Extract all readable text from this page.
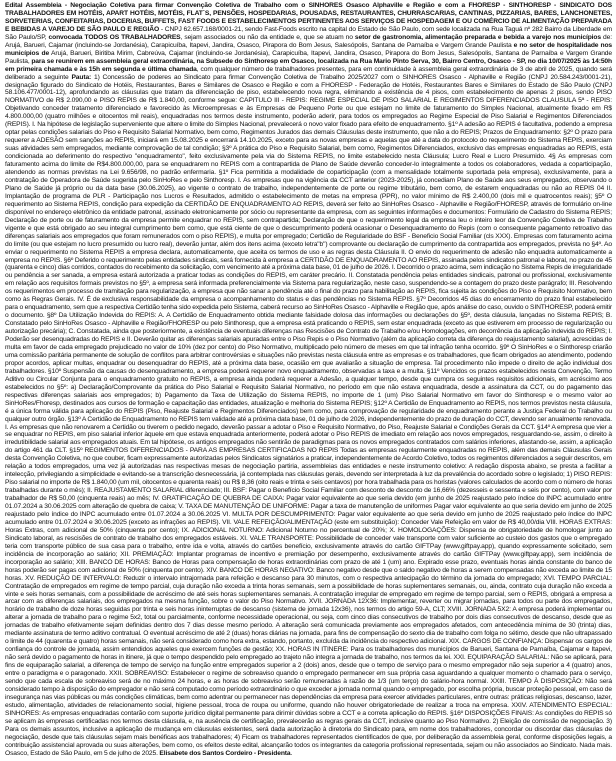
Edital Assembleia - Negociação Coletiva para firmar Convenção Coletiva de Trabalho com o SINHORES Osasco Alphaville e Região e com a FHORESP - SINTHORESP - SINDICATO DOS TRABALHADORES EM HOTÉIS, APART HOTÉIS, MOTÉIS, FLAT´S, PENSÕES, HOSPEDARIAS, POUSADAS, RESTAURANTES, CHURRASCARIAS, CANTINAS, PIZZARIAS, BARES, LANCHONETES, SORVETERIAS, CONFEITARIAS, DOCERIAS, BUFFETS, FAST FOODS E ESTABELECIMENTOS PERTINENTES AOS SERVIÇOS DE HOSPEDAGEM E OU COMÉRCIO DE ALIMENTAÇÃO PREPARADA E BEBIDAS A VAREJO DE SÃO PAULO E REGIÃO - CNPJ 62.657.168/0001-21, sendo Fast-Foods escrito na capital do Estado de São Paulo, com sede localizada na Rua Taguá nº 282 Bairro da Liberdade em São Paulo/SP, convocada TODOS OS TRABALHADORES, sejam associados ou não da entidade e, que se atuam no setor de gastronomia, alimentação preparada e bebida a varejo nos municípios de: Arujá, Barueri, Cajamar (incluindo-se Jordanésia), Carapicuíba, Itapevi, Jandira, Osasco, Pirapora do Bom Jesus, Salesópolis, Santana de Parnaíba e Vargem Grande Paulista e no setor de hospitalidade nos municípios de Arujá, Barueri, Biritiba Mirim, Cabreúva, Cajamar (incluindo-se Jordanésia), Carapicuíba, Itapevi, Jandira, Osasco, Pirapora do Bom Jesus, Salesópolis, Santana de Parnaíba e Vargem Grande Paulista, para se reunirem em assembleia geral extraordinária, na Subsede do Sinthoresp em Osasco, localizada na Rua Mario Pinto Serva, 30, Bairro Centro, Osasco - SP, no dia 10/07/2025 às 14:50h em primeira chamada e às 15h em segunda e última chamada, com qualquer número de trabalhadores presentes, para em continuidade à assembleia geral extraordinária de 3 de abril de 2025, quando será deliberado a seguinte Pauta: 1) Concessão de poderes ao Sindicato para firmar Convenção Coletiva de Trabalho 2025/2027 com o SINHORES Osasco - Alphaville e Região (CNPJ 20.584.243/0001-21), designação figurado do Sindicato de Hotéis, Restaurantes, Bares e Similares de Osasco e Região e com a FHORESP - Federação de Hotéis, Restaurantes Bares e Similares do Estado de São Paulo (CNPJ 58.106.477/0001-12), aprofundando as cláusulas que tratam da diferenciação de piso, estabelecendo nova regra, eliminando a existência de 4 pisos, com estabelecimento de apenas 2 pisos, sendo PISO NORMATIVO de R$ 2.090,00 e PISO REPIS de R$ 1.840,00, conforme segue: CAPITULO III - REPIS: REGIME ESPECIAL DE PISO SALARIAL E REGIMENTOS DIFERENCIADOS CLAUSULA 5ª - REPIS: Objetivando conceder tratamento diferenciado e favorecido às Microempresas e às Empresas de Pequeno Porte ou que estejam no limite de faturamento do Simples Nacional, atualmente fixado em R$ 4.800.000,00 (quatro milhões e oitocentos mil reais), enquadradas nos termos deste instrumento, poderão aderir, para todos os empregados ao Regime Especial de Piso Salarial e Regimentos Diferenciados (REPIS). I. Na hipótese de legislação superveniente que altere o limite do Simples Nacional, prevalecerá o novo valor fixado para efeito de enquadramento. §1º A adesão ao REPIS é facultativa, podendo a empresa optar pelas condições salariais do Piso e Requisito Salarial Normativo, bem como, Regimentos Jurados das demais Cláusulas deste instrumento, que não a do REPIS; Prazos de Enquadramento: §2º O prazo para requerer a ADESÃO sem sanções ao REPIS, iniciará em 15.08.2025 e encerrará 14.10.2025, exceto para as novas empresas e aquelas que até a data do protocolo do requerimento do Sistema REPIS, exerciam suas atividades sem empregados, mediante comprovação de tal condição; §3º A prática do Piso e Requisito Salarial, bem como, Regimentos Diferenciados, exclusivo das empresas enquadradas ao REPIS, está condicionada ao deferimento do respectivo "enquadramento", feito exclusivamente pela via do Sistema REPIS, no limite estabelecido nesta Cláusula; Lucro Real e Lucro Presumido. 4§ As empresas com faturamento acima do limite de R$4.800.000,00, para se enquadrarem no REPIS com a contrapartida de Plano de Saúde deverão conceder-lo integralmente a todos os colaboradores, vedada a coparticipação, atendendo as normas previstas na Lei 9.656/98, no padrão enfermaria. §1º Fica permitida a modalidade de coparticipação (com a mensalidade totalmente suportada pela empresa), exclusivamente, para a contratação de Operadora de Saúde sugerida pelo SinHoRes e pelo Sinthoresp. I. As empresas que na vigência da CCT anterior (2023-2025), já concediam Plano de Saúde aos seus empregados, observando o Plano de Saúde já próprio ou da data base (30.06.2025), ao vigente o contrato de trabalho, independentemente de porte ou regime tributário, bem como, de estarem enquadradas ou não ao REPIS 04 II. Implantação de programa de PLR - Participação nos Lucros e Resultados, admitido o estabelecimento de metas na empresa (PPR), no valor mínimo de R$ 2.400,00 (dois mil e quatrocentos reais); §5º O requerimento ao Sistema REPIS, condição para expedição da CERTIDÃO DE ENQUADRAMENTO AO REPIS, deverá ser feito ao SinHoRes Osasco - Alphaville e Região/FHORESP, através de formulário on-line disponível no endereço eletrônico da entidade patronal, assinado eletronicamente por sócio ou representante da empresa, com as seguintes informações e documentos: Formulário de Cadastro do Sistema REPIS; Declaração de porte ou de faturamento da empresa permite enquadrar no REPIS, sem contrapartida; Declaração de que o requerimento legal da empresa leu o inteiro teor da Convenção Coletiva de Trabalho vigente e que está obrigado ao seu integral cumprimento bem como, que está ciente de que o descumprimento poderá ocasionar o Desenquadramento do Repis (com o consequente pagamento retroativo das diferenças salariais aos empregados que foram remunerados com o piso REPIS), e multa por empregado; Certidão de Regularidade do BSF - Beneficio Social Familiar (cls XXX). Empresas com faturamento acima do limite (ou que estejam no lucro presumido ou lucro real), deverão juntar, além dos itens acima (exceto letra"b") comprovante ou declaração de cumprimento da contrapartida aos empregados, prevista no §4º. Ao enviar o requerimento no Sistema REPIS a empresa declara, automaticamente, que aceita os termos de uso e as regras desta Cláusula II. O envio do requerimento de adesão não enquadra automaticamente a empresa no REPIS. §6º Deferido o requerimento pelas entidades sindicais, será fornecida à empresa a CERTIDÃO DE ENQUADRAMENTO AO REPIS, assinada pelos sindicatos patronal e laboral, no prazo de 45 (quarenta e cinco) dias corridos, contados do recebimento da solicitação, com vencimento até a próxima data base, 01 de julho de 2026. I. Decorrido o prazo acima, sem indicação no Sistema Repis de irregularidade ou pendência a ser sanada, a empresa estará autorizada a praticar todas as condições do REPIS, em caráter precário. II. Constatada pendência pelas entidades sindicais, patronal ou profissional, exclusivamente em relação aos requisitos formais previstos no §5º, a empresa será informada preferencialmente via Sistema para regularização, neste caso, suspendendo-se a contagem do prazo deste parágrafo; III. Resolvendo os requerimentos em processo de tramitação para regularização, a empresa que não sanar a pendência até o final do prazo para habilitação ao REPIS, fica sujeita às condições do Piso e Requisito Normativo, bem como às Regras Gerais. IV. É de exclusiva responsabilidade da empresa o acompanhamento do status e das pendências no Sistema REPIS. §7º Decorridos 45 dias do encerramento do prazo final estabelecido para o enquadramento, sem que a respectiva Certidão tenha sido expedida pelo Sistema, caberá recurso ao SinHoRes Osasco - Alphaville e Região que, após análise do caso, ouvido o SINTHORESP, poderá emitir o documento. §8º Da Utilização Indevida do REPIS: A. A Certidão de Enquadramento obtida mediante falsidade dolosa das informações ou declarações do §5º, desta cláusula, lançadas no Sistema REPIS; B. Constatado pelo SinHoRes Osasco - Alphaville e Região/FHORESP ou pelo Sinthoresp, que a empresa está praticando o REPIS, sem estar enquadrada (exceto as que estiverem em processo de regularização ou autorização precária); C. Constatada, ainda que posteriormente, a existência de eventuais diferenças nas Rescisões de Contrato de Trabalho e/ou Homologações, em decorrência da aplicação indevida do REPIS; I. Poderão ser desenquadradas do REPIS e II. Deverão quitar as diferenças salariais apuradas entre o Piso Repis e o Piso Normativo (além da aplicação correta da diferença do reajustamento salarial), acrescidas de multa em favor de cada empregado prejudicado no valor de 10% (dez por cento) do Piso Normativo, multiplicado pelo número de meses em que tal infração tenha ocorrido. §9º O SinHoRes e o Sinthoresp criarão uma comissão paritária permanente de solução de conflitos para arbitrar controvérsias e situações não previstas nesta cláusula entre as empresas e os trabalhadores, que ficam obrigados ao atendimento, podendo propor acordos, aplicar multas, enquadrar ou desenquadrar do REPIS, até a próxima data base, ocasião em que avaliarão a situação de empresa. Tal procedimento não impede o direito de ação individual dos trabalhadores. §10º Suspensão da causas do desenquadramento, a empresa poderá requerer novo enquadramento, observadas a taxa e a multa. §11º Vencidos os prazos estabelecidos nesta Convenção, Termo Aditivo ou Circular Conjunta para o enquadramento gratuito no REPIS, a empresa ainda poderá requerer a Adesão, a qualquer tempo, desde que cumpra os seguintes requisitos adicionais, em acréscimo aos estabelecidos no §5º: a) Declaração/Comprovante da prática do Piso Salarial e Requisito Salarial Normativo, no período em que não estava enquadrada, desde a assinatura da CCT, ou do pagamento das respectivas diferenças salariais aos empregados; b) Pagamento da Taxa de Utilização do Sistema REPIS, no importe de 1 (um) Piso Salarial Normativo em favor do Sinthoresp e o mesmo valor ao SinHoRes/Fhoresp, destinados aos cursos de formação e capacitação das entidades, atualização e melhoria do Sistema REPIS; §12º A Certidão de Enquadramento ao REPIS, nos termos previstos nesta cláusula, é a única forma válida para aplicação do REPIS (Piso, Reajuste Salarial e Regimentos Diferenciados) bem como, para comprovação de regularidade de enquadramento perante a Justiça Federal do Trabalho ou qualquer outro órgão. §13º A Certidão de Enquadramento no REPIS tem validade até a próxima data base, 01 de julho de 2026, independentemente do prazo de duração do CCT, devendo ser anualmente renovada. I. As empresas que não renovarem a Certidão ou tiverem o pedido negado, deverão passar a adotar o Piso e Requisito Normativo, do Piso, Reajuste Salarial e Condições Gerais da CCT. §14º A empresa que vier a se enquadrar no REPIS, em piso salarial inferior àquele em que estava enquadrada anteriormente, poderá adotar o Piso REPIS de imediato em relação aos novos empregados, resguardando-se, assim, o direito à irredutibilidade salarial aos empregados atuais. Em tal hipótese, os antigos empregados não sentirão de paradigmas para os novos empregados contratados com salários inferiores, afastando-se, assim, a aplicação do artigo 461 da CLT. §15º REGIMENTOS DIFERENCIADOS - PARA AS EMPRESAS CERTIFICADAS NO REPIS Todas as empresas regularmente enquadradas no REPIS, além das demais Cláusulas Gerais desta Convenção Coletiva, no que couber, ficam expressamente autorizadas pelos Sindicatos signatários a praticar, independentemente de Acordo Coletivo, todos os regimentos diferenciados a seguir descritos, em relação a todos empregados, uma vez já autorizadas nas respectivas mesas de negociação partiria, assembleias das entidades e neste instrumento coletivo: A redação disposta abaixo, se presta a facilitar a intelecção, privilegiando a simplicidade e evitando-se a transcrição desnecessária, já contemplada nas cláusulas gerais, devendo ser interpretada à luz da prevalência do acordado sobre o legislado; 1) PISO REPIS: Piso salarial no importe de R$ 1.840,00 (um mil, oitocentos e quarenta reais) ou R$ 8,36 (oito reais e trinta e seis centavos) por hora trabalhada para os horistas (valores calculados de acordo com o número de horas trabalhadas durante o mês); II. REAJUSTAMENTO SALARIAL diferenciado; III. BSF: Pagar o Benefício Social Familiar com desconto de desconto de 16,66% (dezesseis e sessenta e seis por cento), com valor por trabalhador de R$ 50,00 (cinquenta reais) ao mês; IV. GRATIFICAÇÃO DE QUEBRA DE CAIXA: Pagar valor equivalente ao que seria devido (em junho de 2025 reajustado pelo índice do INPC acumulado entre 01.07.2024 a 30.06.2025 com alteração de quebra de caixa; V. TAXA DE MANUTENÇÃO DE UNIFORME: Pagar a taxa de manutenção de uniformes Pagar valor equivalente ao que seria devido em junho de 2025 reajustado pelo índice do INPC acumulado entre 01.07.2024 a 30.06.2025 VI. MULTA POR DESCUMPRIMENTO: Pagar valor equivalente ao que seria devido em junho de 2025 reajustado pelo índice do INPC acumulado entre 01.07.2024 e 30.06.2025 (exceto as infrações ao REPIS). VII. VALE REFEIÇÃO/ALIMENTAÇÃO (este em substituição): Conceder Vale Refeição em valor de R$ 40,00/dia VIII. HORAS EXTRAS: Horas Extras, com adicional de 50% (cinquenta por cento); IX. ADICIONAL NOTURNO: Adicional Noturno no percentual de 20%; X. HOMOLOGAÇÕES: Dispensa de obrigatoriedade de homologar junto ao Sindicato laboral, as rescisões de contrato de trabalho dos empregados estáveis. XI. VALE TRANSPORTE: Possibilidade de conceder vale transporte com valor suficiente ao custeio dos gastos que o empregado teria com transporte público de sua casa para o trabalho, entre ida e volta, através do cartões benefício, exclusivamente através do cartão GIFTPay (www.giftpay.app), quando expressamente solicitado, sem incidência de incorporação ao salário; XII. PREMIAÇÃO: Implantar programas de incentivo e premiação por desempenho, exclusivamente através do cartão GIFTPay (www.giftpay.app), sem incidência de incorporação ao salário; XIII. BANCO DE HORAS: Banco de Horas para compensação de horas extraordinárias com prazo de até 1 (um) ano. Expirado esse prazo, eventuais horas ainda constante do banco de horas poderão ser pagas com adicional de 50% (cinquenta por cento). XIV. BANCO DE HORAS NEGATIVO: Banco negativo desde que o saldo negativo de horas a serem compensadas não exceda ao limite de 15 horas. XV. REDUÇÃO DE INTERVALO: Reduzir o intervalo intrajornada para refeição e descanso para 30 minutos, com o respectiva antecipação do término da jornada do empregado; XVI. TEMPO PARCIAL: Contratação de empregados em regime de tempo parcial, cuja duração não exceda a trinta horas semanais, sem a possibilidade de horas suplementares semanais, ou, ainda, contrato cuja duração não exceda a vinte e seis horas semanais, com a possibilidade de acréscimo de até seis horas suplementares semanais. A contratação irregular de empregado em regime de tempo parcial, sem o REPIS, obrigará a empresa a arcar com as diferenças salariais, dos empregados na mesma função, sobre o valor do Piso Normativo. XVII. JORNADA 12X36: Implementar, reverter ou migrar jornadas, para todos ou parte dos empregados, horário de trabalho de doze horas seguidas por trinta e seis horas ininterruptas de descanso (sistema de jornada 12x36), nos termos do artigo 59-A, CLT; XVIII. JORNADA 5X2: A empresa poderá implementar ou alterar a jornada de trabalho para o regime 5x2, total ou parcialmente, conforme necessidade operacional, ou seja, com cinco dias consecutivos de trabalho por dois dias consecutivos de descanso, desde que as jornadas de trabalho efetivamente sejam definidas dentro dos 7 dias desse mesmo período. A alteração será comunicada previamente aos empregados afetados, com antecedência mínima de 30 (trinta) dias, mediante assinatura de termo aditivo contratual. O eventual acréscimo de até 2 (duas) horas diárias na jornada, para fins de compensação do sexto dia de trabalho com folga no sétimo, desde que não ultrapassado o limite de 44 (quarenta e quatro) horas semanais, não será considerado como hora extra, estando, portanto, excluída da incidência do respectivo adicional. XIX. CARGOS DE CONFIANÇA: Dispensar os cargos de confiança do controle de jornada, assim entendidos aqueles que exercem funções de gestão; XX. HORAS IN ITINERE: Para os trabalhadores dos municípios de Barueri, Santana de Parnaíba, Cajamar e Itapevi, não será devido o pagamento de horas in itinere, já que o tempo despendido pelo empregado ao trajeto não integra a jornada de trabalho, nos termos da lei. XXI. EQUIPARAÇÃO SALARIAL: Não se aplicará, para fins de equiparação salarial, a diferença de tempo de serviço na função entre empregados superior a 2 (dois) anos, desde que o tempo de serviço para o mesmo empregador não seja superior a 4 (quatro) anos, entre o paradigma e o paragonado. XXII. SOBREAVISO: Estabelecer o regime de sobreaviso quando o empregado permanecer em sua própria casa aguardando a qualquer momento o chamado para o serviço, sendo que cada escala de sobreaviso será de no máximo 24 horas, e as horas de sobreaviso serão remuneradas à razão de 1/3 (um terço) do salário-hora normal. XXIII. TEMPO À DISPOSIÇÃO: Não será considerado tempo à disposição do empregador e não será computado como período extraordinário o que exceder a jornada normal quando o empregado, por escolha própria, buscar proteção pessoal, em caso de insegurança nas vias públicas ou más condições climáticas, bem como adentrar ou permanecer nas dependências da empresa para exercer atividades particulares, entre outras: práticas religiosas, descanso, lazer, estudo, alimentação, atividades de relacionamento social, higiene pessoal, troca de roupa ou uniforme, quando não houver obrigatoriedade de realizar a troca na empresa. XXIV. ATENDIMENTO ESPECIAL: SINHORES: As empresas enquadradas contarão com suporte jurídico digital permanente para dirimir dúvidas sobre a CCT e a correta aplicação do REPIS. §16º DISPOSIÇÕES FINAIS: As condições do REPIS só se aplicam às empresas certificadas nos termos desta cláusula, e, na ausência de certificação, prevalecerão as regras gerais da CCT, inclusive quanto ao Piso Normativo. 2) Eleição de comissão de negociação. 3) Para os demais assuntos, inclusive a aplicação de mudança em cláusulas existentes, será dada autorização à diretoria do Sindicato para, em nome dos trabalhadores, concordar ou discordar das cláusulas de negociação, desde que tais cláusulas sejam mais benéficas aos trabalhadores; 4) Ficam os trabalhadores representados cientificados de que, por deliberação da assembleia geral, conforme disposições legais, a contribuição assistencial aprovada ou suas alterações, bem como, os efeitos deste edital, alcançarão todos os integrantes da categoria profissional representada, sejam ou não associados ao Sindicato. Nada mais. Osasco, Estado de São Paulo, em 5 de julho de 2025. Elisabete dos Santos Cordeiro - Presidenta.
